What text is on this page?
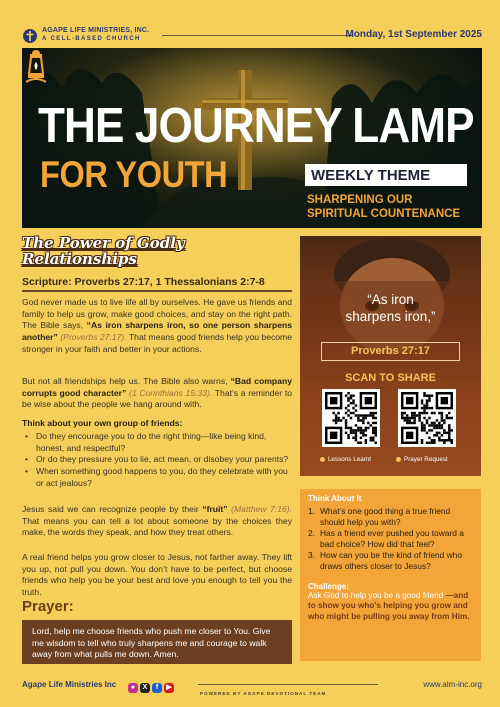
AGAPE LIFE MINISTRIES, INC.
A CELL-BASED CHURCH	Monday, 1st September 2025
THE JOURNEY LAMP
FOR YOUTH	WEEKLY THEME
SHARPENING OUR
SPIRITUAL COUNTENANCE
The Power of Godly
Relationships
Scripture: Proverbs 27:17, 1 Thessalonians 2:7-8
God never made us to live life all by ourselves. He gave us friends and family to help us grow, make good choices, and stay on the right path. The Bible says, “As iron sharpens iron, so one person sharpens another” (Proverbs 27:17). That means good friends help you become stronger in your faith and better in your actions.
But not all friendships help us. The Bible also warns, “Bad company corrupts good character” (1 Corinthians 15:33). That’s a reminder to be wise about the people we hang around with.
Think about your own group of friends:
• Do they encourage you to do the right thing—like being kind, honest, and respectful?
• Or do they pressure you to lie, act mean, or disobey your parents?
• When something good happens to you, do they celebrate with you or act jealous?
Jesus said we can recognize people by their “fruit” (Matthew 7:16). That means you can tell a lot about someone by the choices they make, the words they speak, and how they treat others.
A real friend helps you grow closer to Jesus, not farther away. They lift you up, not pull you down. You don’t have to be perfect, but choose friends who help you be your best and love you enough to tell you the truth.
Prayer:
Lord, help me choose friends who push me closer to You. Give me wisdom to tell who truly sharpens me and courage to walk away from what pulls me down. Amen.
“As iron
sharpens iron,”
Proverbs 27:17
SCAN TO SHARE
Lessons Learnt	Prayer Request
Think About It
1. What’s one good thing a true friend should help you with?
2. Has a friend ever pushed you toward a bad choice? How did that feel?
3. How can you be the kind of friend who draws others closer to Jesus?
Challenge:
Ask God to help you be a good friend —and to show you who’s helping you grow and who might be pulling you away from Him.
Agape Life Ministries Inc	● X f ▶
POWERED BY AGAPE DEVOTIONAL TEAM
www.alm-inc.org
